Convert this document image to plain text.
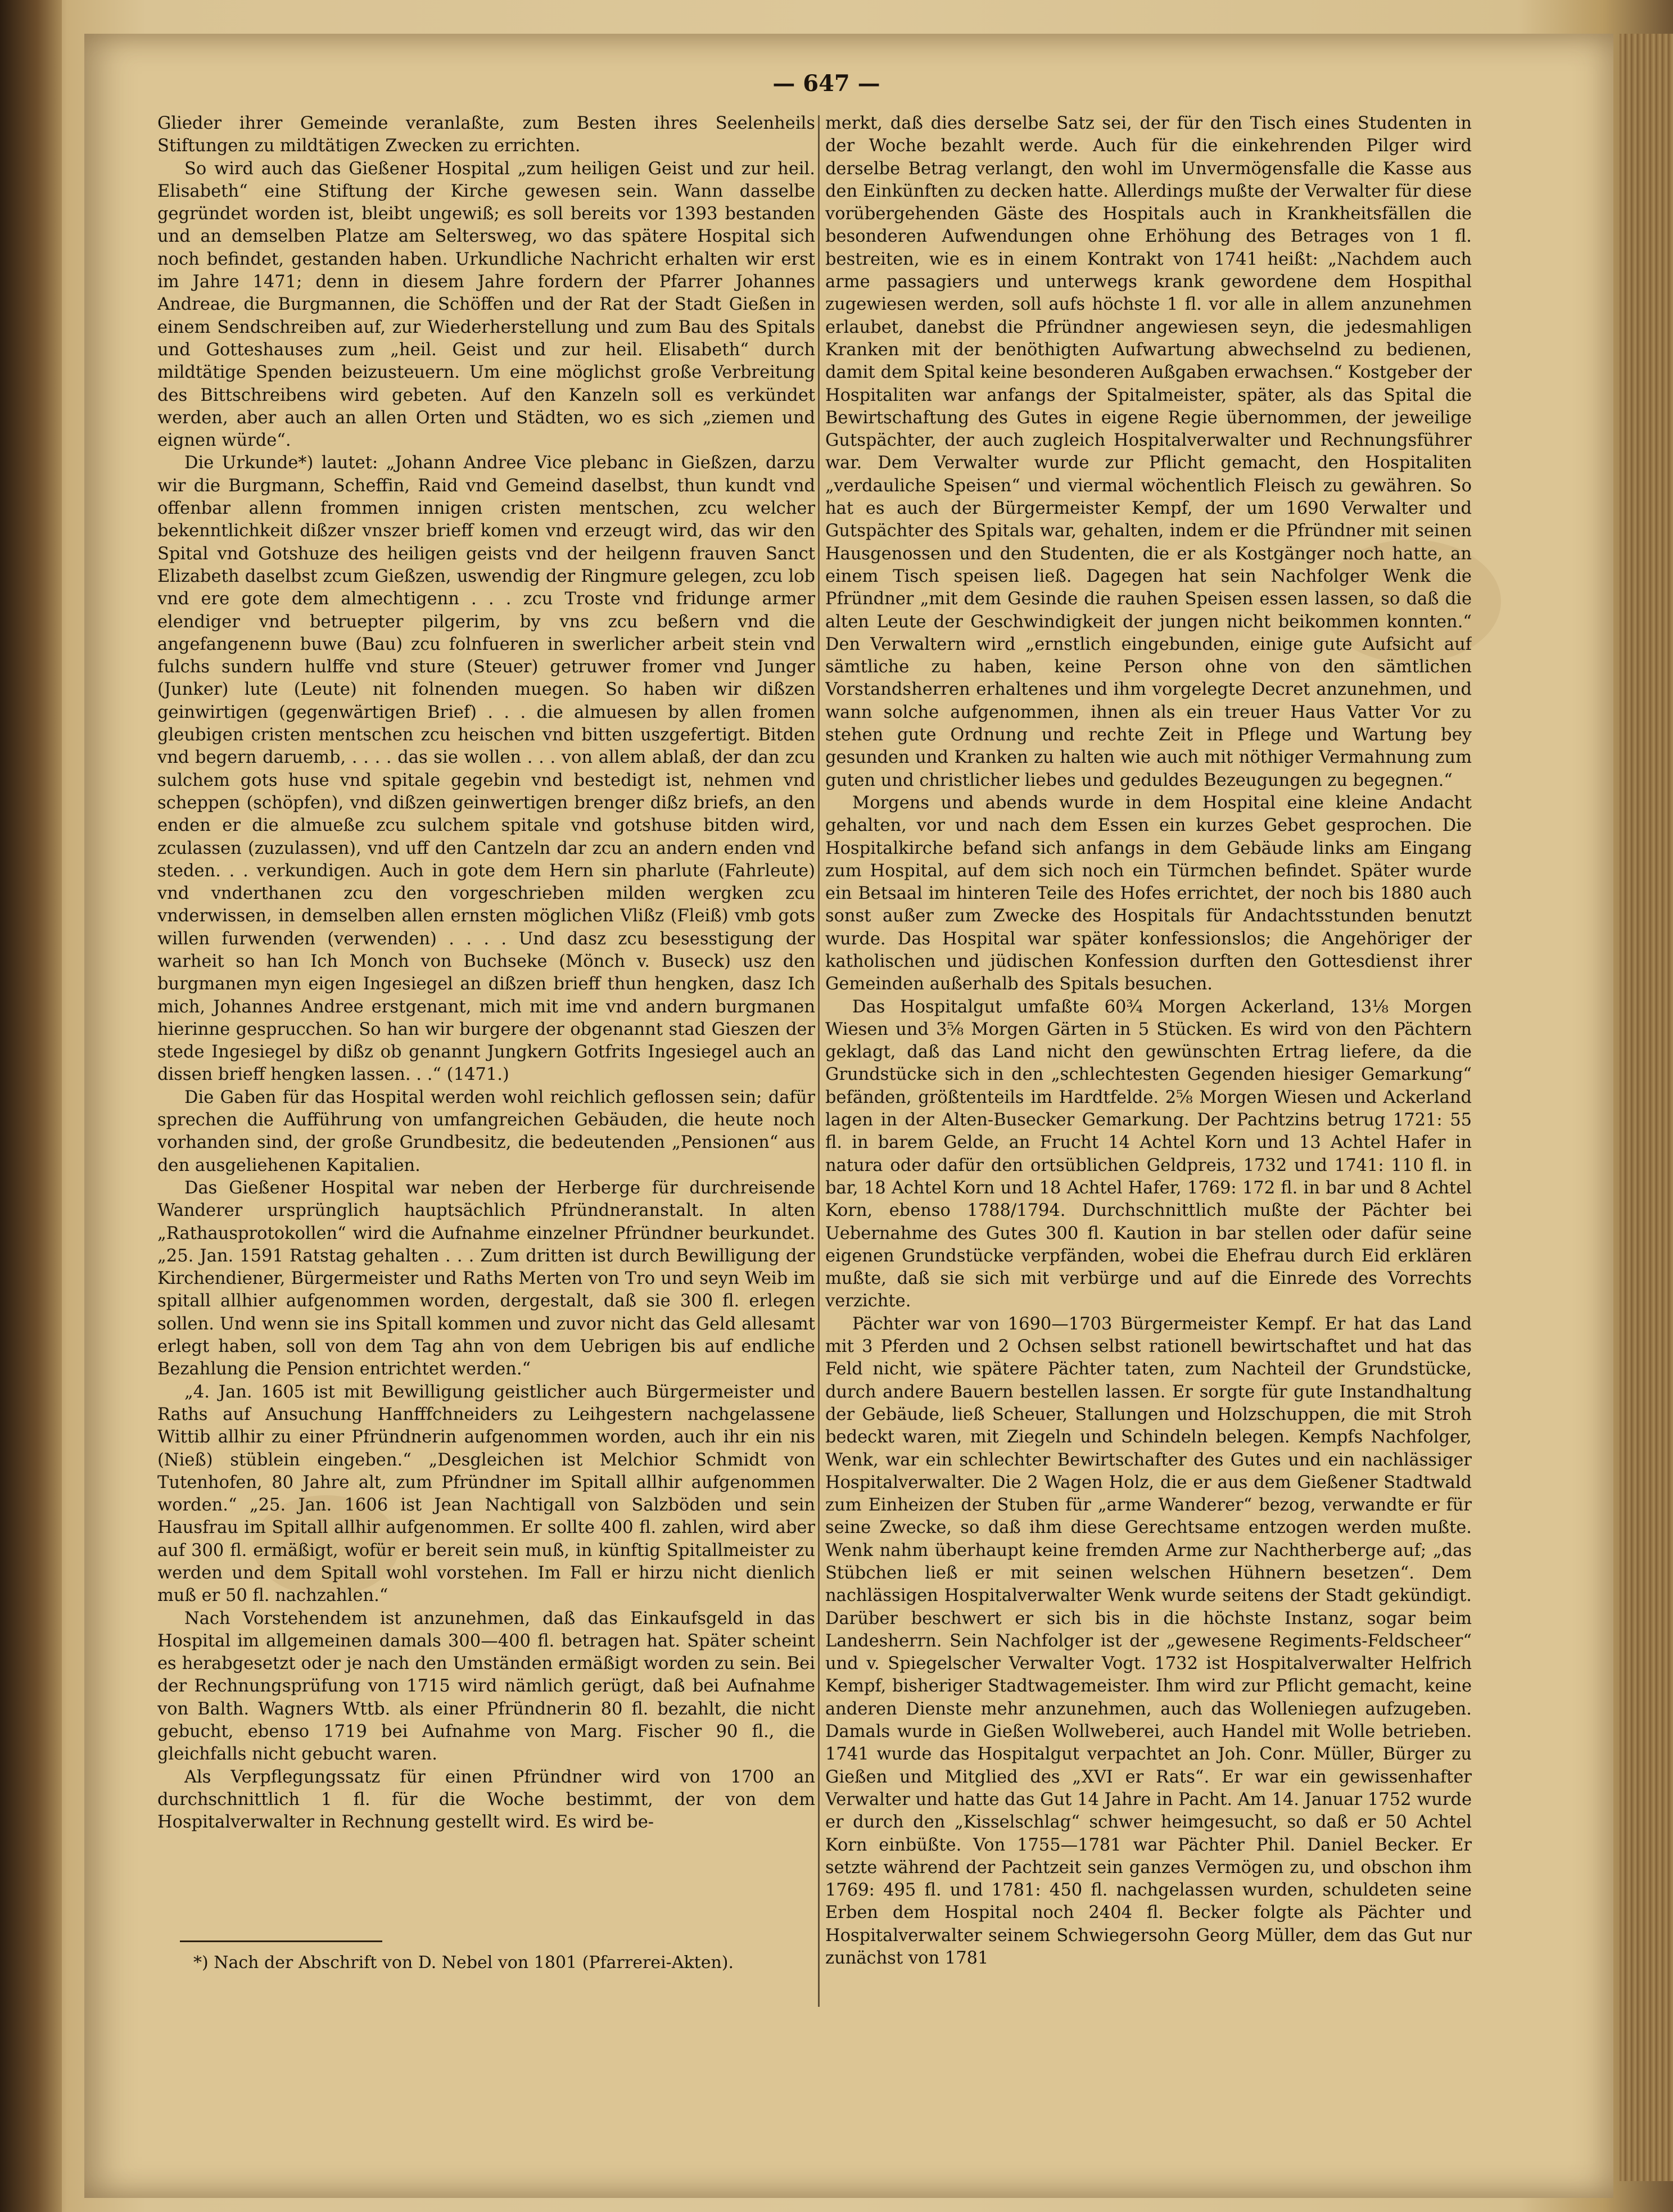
— 647 —

Glieder ihrer Gemeinde veranlaßte, zum Besten ihres Seelenheils Stiftungen zu mildtätigen Zwecken zu errichten.

So wird auch das Gießener Hospital „zum heiligen Geist und zur heil. Elisabeth“ eine Stiftung der Kirche gewesen sein. Wann dasselbe gegründet worden ist, bleibt ungewiß; es soll bereits vor 1393 bestanden und an demselben Platze am Seltersweg, wo das spätere Hospital sich noch befindet, gestanden haben. Urkundliche Nachricht erhalten wir erst im Jahre 1471; denn in diesem Jahre fordern der Pfarrer Johannes Andreae, die Burgmannen, die Schöffen und der Rat der Stadt Gießen in einem Sendschreiben auf, zur Wiederherstellung und zum Bau des Spitals und Gotteshauses zum „heil. Geist und zur heil. Elisabeth“ durch mildtätige Spenden beizusteuern. Um eine möglichst große Verbreitung des Bittschreibens wird gebeten. Auf den Kanzeln soll es verkündet werden, aber auch an allen Orten und Städten, wo es sich „ziemen und eignen würde“.

Die Urkunde*) lautet: „Johann Andree Vice plebanc in Gießzen, darzu wir die Burgmann, Scheffin, Raid vnd Gemeind daselbst, thun kundt vnd offenbar allenn frommen innigen cristen mentschen, zcu welcher bekenntlichkeit dißzer vnszer brieff komen vnd erzeugt wird, das wir den Spital vnd Gotshuze des heiligen geists vnd der heilgenn frauven Sanct Elizabeth daselbst zcum Gießzen, uswendig der Ringmure gelegen, zcu lob vnd ere gote dem almechtigenn . . . zcu Troste vnd fridunge armer elendiger vnd betruepter pilgerim, by vns zcu beßern vnd die angefangenenn buwe (Bau) zcu folnfueren in swerlicher arbeit stein vnd fulchs sundern hulffe vnd sture (Steuer) getruwer fromer vnd Junger (Junker) lute (Leute) nit folnenden muegen. So haben wir dißzen geinwirtigen (gegenwärtigen Brief) . . . die almuesen by allen fromen gleubigen cristen mentschen zcu heischen vnd bitten uszgefertigt. Bitden vnd begern daruemb, . . . . das sie wollen . . . von allem ablaß, der dan zcu sulchem gots huse vnd spitale gegebin vnd bestedigt ist, nehmen vnd scheppen (schöpfen), vnd dißzen geinwertigen brenger dißz briefs, an den enden er die almueße zcu sulchem spitale vnd gotshuse bitden wird, zculassen (zuzulassen), vnd uff den Cantzeln dar zcu an andern enden vnd steden. . . verkundigen. Auch in gote dem Hern sin pharlute (Fahrleute) vnd vnderthanen zcu den vorgeschrieben milden wergken zcu vnderwissen, in demselben allen ernsten möglichen Vlißz (Fleiß) vmb gots willen furwenden (verwenden) . . . . Und dasz zcu besesstigung der warheit so han Ich Monch von Buchseke (Mönch v. Buseck) usz den burgmanen myn eigen Ingesiegel an dißzen brieff thun hengken, dasz Ich mich, Johannes Andree erstgenant, mich mit ime vnd andern burgmanen hierinne gesprucchen. So han wir burgere der obgenannt stad Gieszen der stede Ingesiegel by dißz ob genannt Jungkern Gotfrits Ingesiegel auch an dissen brieff hengken lassen. . .“ (1471.)

Die Gaben für das Hospital werden wohl reichlich geflossen sein; dafür sprechen die Aufführung von umfangreichen Gebäuden, die heute noch vorhanden sind, der große Grundbesitz, die bedeutenden „Pensionen“ aus den ausgeliehenen Kapitalien.

Das Gießener Hospital war neben der Herberge für durchreisende Wanderer ursprünglich hauptsächlich Pfründneranstalt. In alten „Rathausprotokollen“ wird die Aufnahme einzelner Pfründner beurkundet. „25. Jan. 1591 Ratstag gehalten . . . Zum dritten ist durch Bewilligung der Kirchendiener, Bürgermeister und Raths Merten von Tro und seyn Weib im spitall allhier aufgenommen worden, dergestalt, daß sie 300 fl. erlegen sollen. Und wenn sie ins Spitall kommen und zuvor nicht das Geld allesamt erlegt haben, soll von dem Tag ahn von dem Uebrigen bis auf endliche Bezahlung die Pension entrichtet werden.“

„4. Jan. 1605 ist mit Bewilligung geistlicher auch Bürgermeister und Raths auf Ansuchung Hanfffchneiders zu Leihgestern nachgelassene Wittib allhir zu einer Pfründnerin aufgenommen worden, auch ihr ein nis (Nieß) stüblein eingeben.“ „Desgleichen ist Melchior Schmidt von Tutenhofen, 80 Jahre alt, zum Pfründner im Spitall allhir aufgenommen worden.“ „25. Jan. 1606 ist Jean Nachtigall von Salzböden und sein Hausfrau im Spitall allhir aufgenommen. Er sollte 400 fl. zahlen, wird aber auf 300 fl. ermäßigt, wofür er bereit sein muß, in künftig Spitallmeister zu werden und dem Spitall wohl vorstehen. Im Fall er hirzu nicht dienlich muß er 50 fl. nachzahlen.“

Nach Vorstehendem ist anzunehmen, daß das Einkaufsgeld in das Hospital im allgemeinen damals 300—400 fl. betragen hat. Später scheint es herabgesetzt oder je nach den Umständen ermäßigt worden zu sein. Bei der Rechnungsprüfung von 1715 wird nämlich gerügt, daß bei Aufnahme von Balth. Wagners Wttb. als einer Pfründnerin 80 fl. bezahlt, die nicht gebucht, ebenso 1719 bei Aufnahme von Marg. Fischer 90 fl., die gleichfalls nicht gebucht waren.

Als Verpflegungssatz für einen Pfründner wird von 1700 an durchschnittlich 1 fl. für die Woche bestimmt, der von dem Hospitalverwalter in Rechnung gestellt wird. Es wird be-

merkt, daß dies derselbe Satz sei, der für den Tisch eines Studenten in der Woche bezahlt werde. Auch für die einkehrenden Pilger wird derselbe Betrag verlangt, den wohl im Unvermögensfalle die Kasse aus den Einkünften zu decken hatte. Allerdings mußte der Verwalter für diese vorübergehenden Gäste des Hospitals auch in Krankheitsfällen die besonderen Aufwendungen ohne Erhöhung des Betrages von 1 fl. bestreiten, wie es in einem Kontrakt von 1741 heißt: „Nachdem auch arme passagiers und unterwegs krank gewordene dem Hospithal zugewiesen werden, soll aufs höchste 1 fl. vor alle in allem anzunehmen erlaubet, danebst die Pfründner angewiesen seyn, die jedesmahligen Kranken mit der benöthigten Aufwartung abwechselnd zu bedienen, damit dem Spital keine besonderen Außgaben erwachsen.“ Kostgeber der Hospitaliten war anfangs der Spitalmeister, später, als das Spital die Bewirtschaftung des Gutes in eigene Regie übernommen, der jeweilige Gutspächter, der auch zugleich Hospitalverwalter und Rechnungsführer war. Dem Verwalter wurde zur Pflicht gemacht, den Hospitaliten „verdauliche Speisen“ und viermal wöchentlich Fleisch zu gewähren. So hat es auch der Bürgermeister Kempf, der um 1690 Verwalter und Gutspächter des Spitals war, gehalten, indem er die Pfründner mit seinen Hausgenossen und den Studenten, die er als Kostgänger noch hatte, an einem Tisch speisen ließ. Dagegen hat sein Nachfolger Wenk die Pfründner „mit dem Gesinde die rauhen Speisen essen lassen, so daß die alten Leute der Geschwindigkeit der jungen nicht beikommen konnten.“ Den Verwaltern wird „ernstlich eingebunden, einige gute Aufsicht auf sämtliche zu haben, keine Person ohne von den sämtlichen Vorstandsherren erhaltenes und ihm vorgelegte Decret anzunehmen, und wann solche aufgenommen, ihnen als ein treuer Haus Vatter Vor zu stehen gute Ordnung und rechte Zeit in Pflege und Wartung bey gesunden und Kranken zu halten wie auch mit nöthiger Vermahnung zum guten und christlicher liebes und geduldes Bezeugungen zu begegnen.“

Morgens und abends wurde in dem Hospital eine kleine Andacht gehalten, vor und nach dem Essen ein kurzes Gebet gesprochen. Die Hospitalkirche befand sich anfangs in dem Gebäude links am Eingang zum Hospital, auf dem sich noch ein Türmchen befindet. Später wurde ein Betsaal im hinteren Teile des Hofes errichtet, der noch bis 1880 auch sonst außer zum Zwecke des Hospitals für Andachtsstunden benutzt wurde. Das Hospital war später konfessionslos; die Angehöriger der katholischen und jüdischen Konfession durften den Gottesdienst ihrer Gemeinden außerhalb des Spitals besuchen.

Das Hospitalgut umfaßte 60¾ Morgen Ackerland, 13⅛ Morgen Wiesen und 3⅝ Morgen Gärten in 5 Stücken. Es wird von den Pächtern geklagt, daß das Land nicht den gewünschten Ertrag liefere, da die Grundstücke sich in den „schlechtesten Gegenden hiesiger Gemarkung“ befänden, größtenteils im Hardtfelde. 2⅝ Morgen Wiesen und Ackerland lagen in der Alten-Busecker Gemarkung. Der Pachtzins betrug 1721: 55 fl. in barem Gelde, an Frucht 14 Achtel Korn und 13 Achtel Hafer in natura oder dafür den ortsüblichen Geldpreis, 1732 und 1741: 110 fl. in bar, 18 Achtel Korn und 18 Achtel Hafer, 1769: 172 fl. in bar und 8 Achtel Korn, ebenso 1788/1794. Durchschnittlich mußte der Pächter bei Uebernahme des Gutes 300 fl. Kaution in bar stellen oder dafür seine eigenen Grundstücke verpfänden, wobei die Ehefrau durch Eid erklären mußte, daß sie sich mit verbürge und auf die Einrede des Vorrechts verzichte.

Pächter war von 1690—1703 Bürgermeister Kempf. Er hat das Land mit 3 Pferden und 2 Ochsen selbst rationell bewirtschaftet und hat das Feld nicht, wie spätere Pächter taten, zum Nachteil der Grundstücke, durch andere Bauern bestellen lassen. Er sorgte für gute Instandhaltung der Gebäude, ließ Scheuer, Stallungen und Holzschuppen, die mit Stroh bedeckt waren, mit Ziegeln und Schindeln belegen. Kempfs Nachfolger, Wenk, war ein schlechter Bewirtschafter des Gutes und ein nachlässiger Hospitalverwalter. Die 2 Wagen Holz, die er aus dem Gießener Stadtwald zum Einheizen der Stuben für „arme Wanderer“ bezog, verwandte er für seine Zwecke, so daß ihm diese Gerechtsame entzogen werden mußte. Wenk nahm überhaupt keine fremden Arme zur Nachtherberge auf; „das Stübchen ließ er mit seinen welschen Hühnern besetzen“. Dem nachlässigen Hospitalverwalter Wenk wurde seitens der Stadt gekündigt. Darüber beschwert er sich bis in die höchste Instanz, sogar beim Landesherrn. Sein Nachfolger ist der „gewesene Regiments-Feldscheer“ und v. Spiegelscher Verwalter Vogt. 1732 ist Hospitalverwalter Helfrich Kempf, bisheriger Stadtwagemeister. Ihm wird zur Pflicht gemacht, keine anderen Dienste mehr anzunehmen, auch das Wolleniegen aufzugeben. Damals wurde in Gießen Wollweberei, auch Handel mit Wolle betrieben. 1741 wurde das Hospitalgut verpachtet an Joh. Conr. Müller, Bürger zu Gießen und Mitglied des „XVI er Rats“. Er war ein gewissenhafter Verwalter und hatte das Gut 14 Jahre in Pacht. Am 14. Januar 1752 wurde er durch den „Kisselschlag“ schwer heimgesucht, so daß er 50 Achtel Korn einbüßte. Von 1755—1781 war Pächter Phil. Daniel Becker. Er setzte während der Pachtzeit sein ganzes Vermögen zu, und obschon ihm 1769: 495 fl. und 1781: 450 fl. nachgelassen wurden, schuldeten seine Erben dem Hospital noch 2404 fl. Becker folgte als Pächter und Hospitalverwalter seinem Schwiegersohn Georg Müller, dem das Gut nur zunächst von 1781

*) Nach der Abschrift von D. Nebel von 1801 (Pfarrerei-Akten).
